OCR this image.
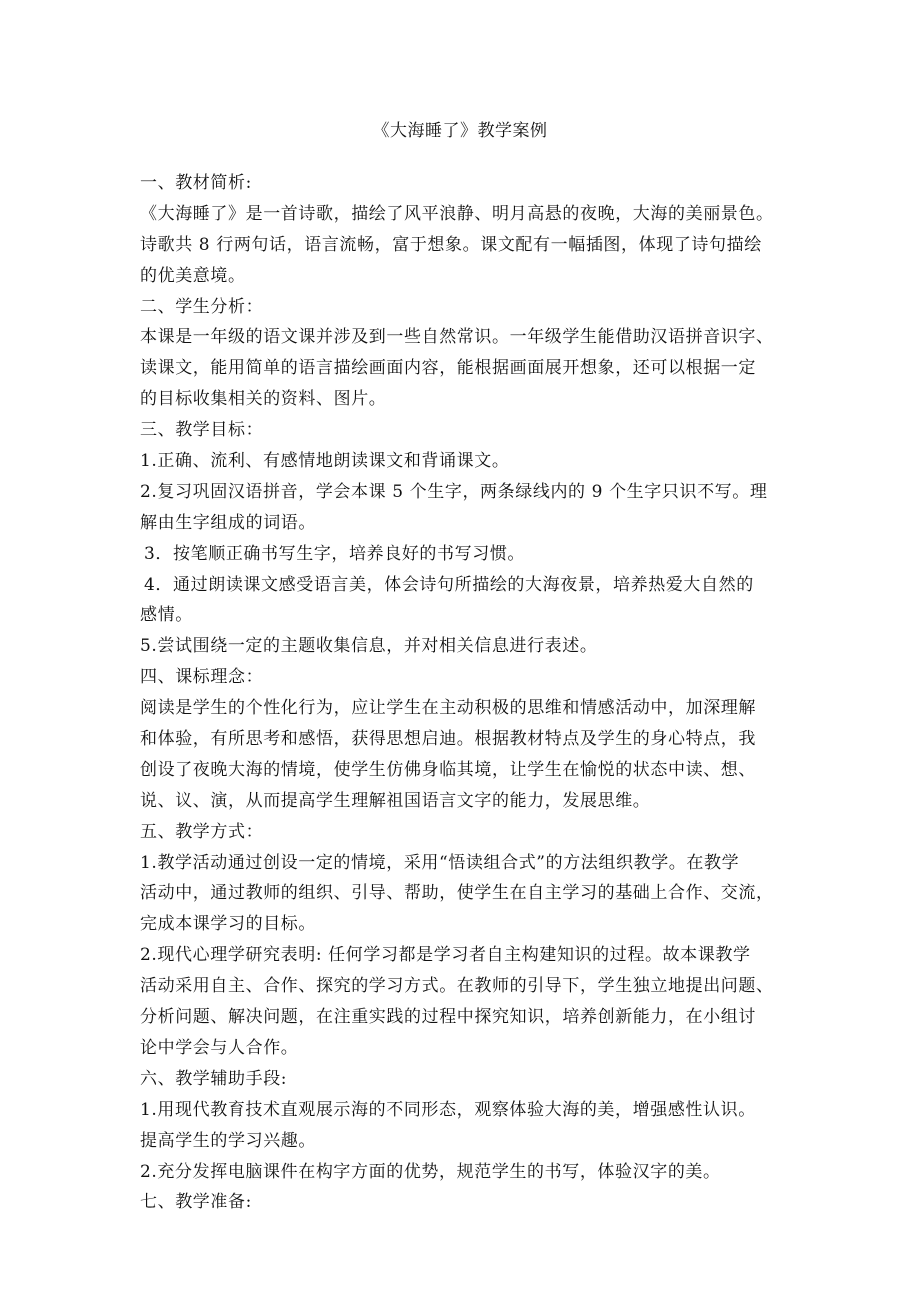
《大海睡了》教学案例
一、教材简析:
《大海睡了》是一首诗歌，描绘了风平浪静、明月高悬的夜晚，大海的美丽景色。
诗歌共 8 行两句话，语言流畅，富于想象。课文配有一幅插图，体现了诗句描绘
的优美意境。
二、学生分析：
本课是一年级的语文课并涉及到一些自然常识。一年级学生能借助汉语拼音识字、
读课文，能用简单的语言描绘画面内容，能根据画面展开想象，还可以根据一定
的目标收集相关的资料、图片。
三、教学目标：
1.正确、流利、有感情地朗读课文和背诵课文。
2.复习巩固汉语拼音，学会本课 5 个生字，两条绿线内的 9 个生字只识不写。理
解由生字组成的词语。
3．按笔顺正确书写生字，培养良好的书写习惯。
4．通过朗读课文感受语言美，体会诗句所描绘的大海夜景，培养热爱大自然的
感情。
5.尝试围绕一定的主题收集信息，并对相关信息进行表述。
四、课标理念：
阅读是学生的个性化行为，应让学生在主动积极的思维和情感活动中，加深理解
和体验，有所思考和感悟，获得思想启迪。根据教材特点及学生的身心特点，我
创设了夜晚大海的情境，使学生仿佛身临其境，让学生在愉悦的状态中读、想、
说、议、演，从而提高学生理解祖国语言文字的能力，发展思维。
五、教学方式：
1.教学活动通过创设一定的情境，采用“悟读组合式”的方法组织教学。在教学
活动中，通过教师的组织、引导、帮助，使学生在自主学习的基础上合作、交流，
完成本课学习的目标。
2.现代心理学研究表明: 任何学习都是学习者自主构建知识的过程。故本课教学
活动采用自主、合作、探究的学习方式。在教师的引导下，学生独立地提出问题、
分析问题、解决问题，在注重实践的过程中探究知识，培养创新能力，在小组讨
论中学会与人合作。
六、教学辅助手段:
1.用现代教育技术直观展示海的不同形态，观察体验大海的美，增强感性认识。
提高学生的学习兴趣。
2.充分发挥电脑课件在构字方面的优势，规范学生的书写，体验汉字的美。
七、教学准备:
